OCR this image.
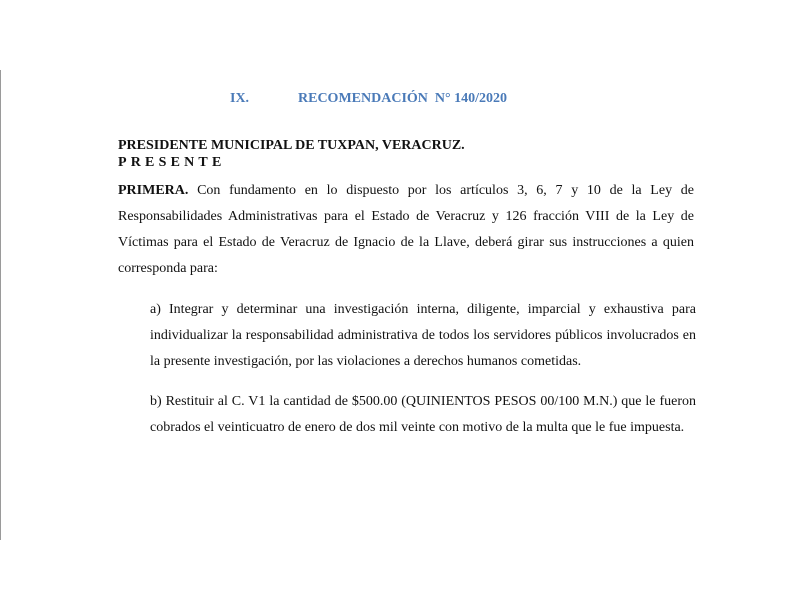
IX.	RECOMENDACIÓN  N° 140/2020
PRESIDENTE MUNICIPAL DE TUXPAN, VERACRUZ.
PRESENTE
PRIMERA. Con fundamento en lo dispuesto por los artículos 3, 6, 7 y 10 de la Ley de Responsabilidades Administrativas para el Estado de Veracruz y 126 fracción VIII de la Ley de Víctimas para el Estado de Veracruz de Ignacio de la Llave, deberá girar sus instrucciones a quien corresponda para:
a) Integrar y determinar una investigación interna, diligente, imparcial y exhaustiva para individualizar la responsabilidad administrativa de todos los servidores públicos involucrados en la presente investigación, por las violaciones a derechos humanos cometidas.
b) Restituir al C. V1 la cantidad de $500.00 (QUINIENTOS PESOS 00/100 M.N.) que le fueron cobrados el veinticuatro de enero de dos mil veinte con motivo de la multa que le fue impuesta.
